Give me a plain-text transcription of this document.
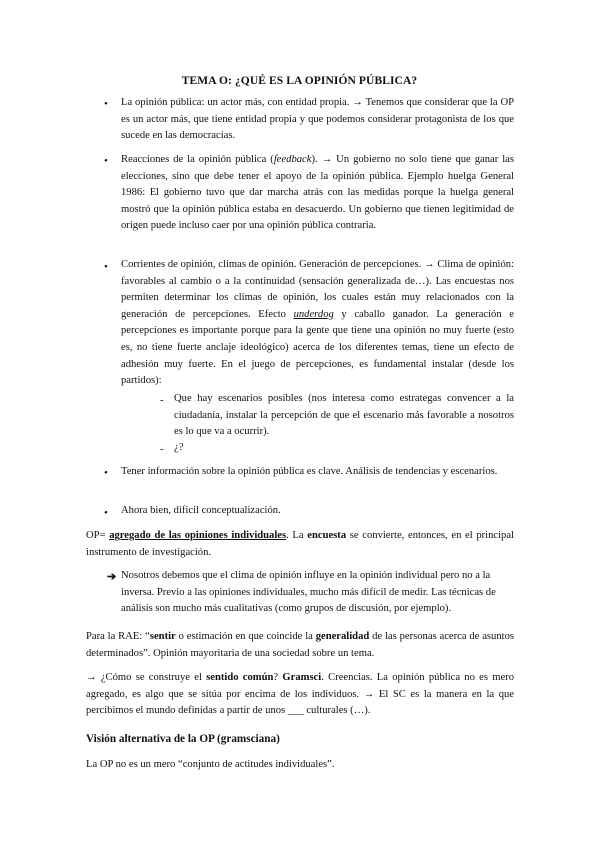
TEMA O: ¿QUÉ ES LA OPINIÓN PÚBLICA?
• La opinión pública: un actor más, con entidad propia. → Tenemos que considerar que la OP es un actor más, que tiene entidad propia y que podemos considerar protagonista de los que sucede en las democracias.
• Reacciones de la opinión pública (feedback). → Un gobierno no solo tiene que ganar las elecciones, sino que debe tener el apoyo de la opinión pública. Ejemplo huelga General 1986: El gobierno tuvo que dar marcha atrás con las medidas porque la huelga general mostró que la opinión pública estaba en desacuerdo. Un gobierno que tienen legitimidad de origen puede incluso caer por una opinión pública contraria.
• Corrientes de opinión, climas de opinión. Generación de percepciones. → Clima de opinión: favorables al cambio o a la continuidad (sensación generalizada de…). Las encuestas nos permiten determinar los climas de opinión, los cuales están muy relacionados con la generación de percepciones. Efecto underdog y caballo ganador. La generación e percepciones es importante porque para la gente que tiene una opinión no muy fuerte (esto es, no tiene fuerte anclaje ideológico) acerca de los diferentes temas, tiene un efecto de adhesión muy fuerte. En el juego de percepciones, es fundamental instalar (desde los partidos):
- Que hay escenarios posibles (nos interesa como estrategas convencer a la ciudadanía, instalar la percepción de que el escenario más favorable a nosotros es lo que va a ocurrir).
- ¿?
• Tener información sobre la opinión pública es clave. Análisis de tendencias y escenarios.
• Ahora bien, difícil conceptualización.
OP= agregado de las opiniones individuales. La encuesta se convierte, entonces, en el principal instrumento de investigación.
➔ Nosotros debemos que el clima de opinión influye en la opinión individual pero no a la inversa. Previo a las opiniones individuales, mucho más difícil de medir. Las técnicas de análisis son mucho más cualitativas (como grupos de discusión, por ejemplo).
Para la RAE: “sentir o estimación en que coincide la generalidad de las personas acerca de asuntos determinados”. Opinión mayoritaria de una sociedad sobre un tema.
→ ¿Cómo se construye el sentido común? Gramsci. Creencias. La opinión pública no es mero agregado, es algo que se sitúa por encima de los individuos. → El SC es la manera en la que percibimos el mundo definidas a partir de unos ___ culturales (…).
Visión alternativa de la OP (gramsciana)
La OP no es un mero “conjunto de actitudes individuales”.
